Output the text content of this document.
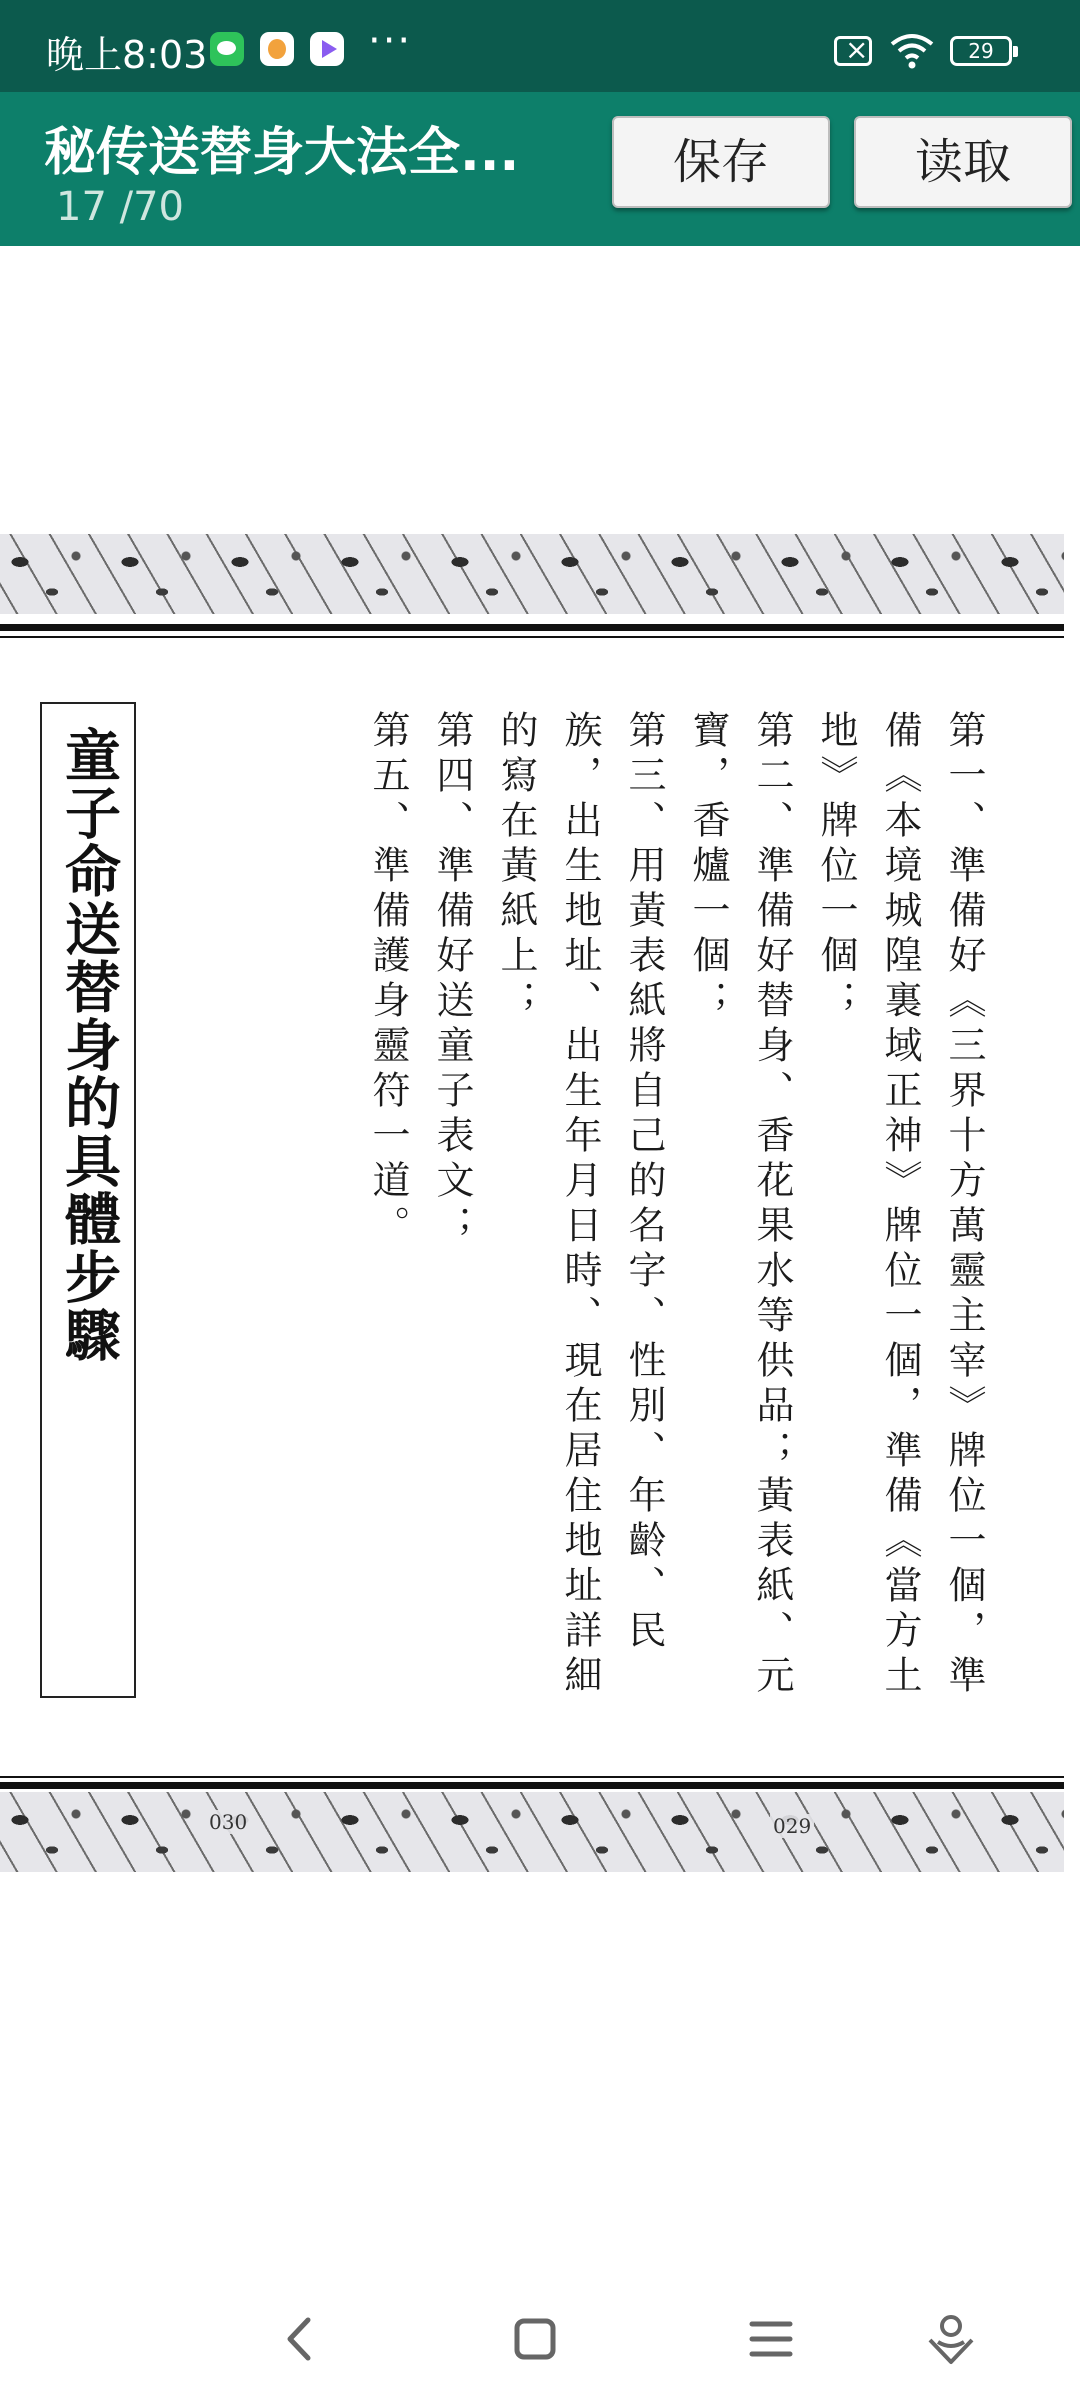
晚上8:03	···
×	29
秘传送替身大法全...
17 /70
保存	读取
童子命送替身的具體步驟	第一、準備好《三界十方萬靈主宰》牌位一個，準備《本境城隍裏域正神》牌位一個，準備《當方土地》牌位一個；

第二、準備好替身、香花果水等供品；黃表紙、元寶，香爐一個；

第三、用黃表紙將自己的名字、性別、年齡、民族，出生地址、出生年月日時、現在居住地址詳細的寫在黃紙上；

第四、準備好送童子表文；

第五、準備護身靈符一道。

030	029
